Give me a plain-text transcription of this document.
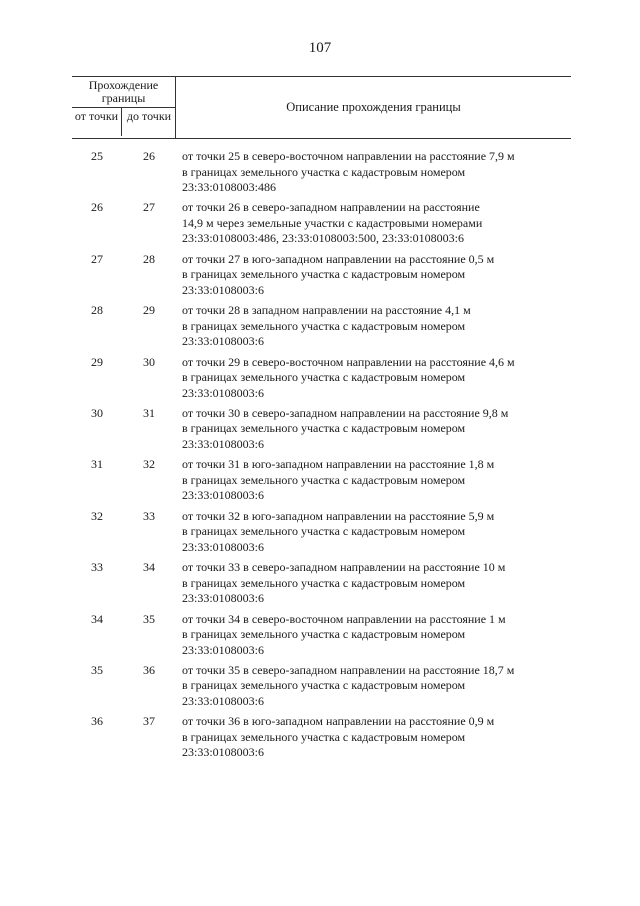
107
Прохождение границы
от точки до точки
Описание прохождения границы
25	26	от точки 25 в северо-восточном направлении на расстояние 7,9 м
в границах земельного участка с кадастровым номером
23:33:0108003:486
26	27	от точки 26 в северо-западном направлении на расстояние
14,9 м через земельные участки с кадастровыми номерами
23:33:0108003:486, 23:33:0108003:500, 23:33:0108003:6
27	28	от точки 27 в юго-западном направлении на расстояние 0,5 м
в границах земельного участка с кадастровым номером
23:33:0108003:6
28	29	от точки 28 в западном направлении на расстояние 4,1 м
в границах земельного участка с кадастровым номером
23:33:0108003:6
29	30	от точки 29 в северо-восточном направлении на расстояние 4,6 м
в границах земельного участка с кадастровым номером
23:33:0108003:6
30	31	от точки 30 в северо-западном направлении на расстояние 9,8 м
в границах земельного участка с кадастровым номером
23:33:0108003:6
31	32	от точки 31 в юго-западном направлении на расстояние 1,8 м
в границах земельного участка с кадастровым номером
23:33:0108003:6
32	33	от точки 32 в юго-западном направлении на расстояние 5,9 м
в границах земельного участка с кадастровым номером
23:33:0108003:6
33	34	от точки 33 в северо-западном направлении на расстояние 10 м
в границах земельного участка с кадастровым номером
23:33:0108003:6
34	35	от точки 34 в северо-восточном направлении на расстояние 1 м
в границах земельного участка с кадастровым номером
23:33:0108003:6
35	36	от точки 35 в северо-западном направлении на расстояние 18,7 м
в границах земельного участка с кадастровым номером
23:33:0108003:6
36	37	от точки 36 в юго-западном направлении на расстояние 0,9 м
в границах земельного участка с кадастровым номером
23:33:0108003:6
